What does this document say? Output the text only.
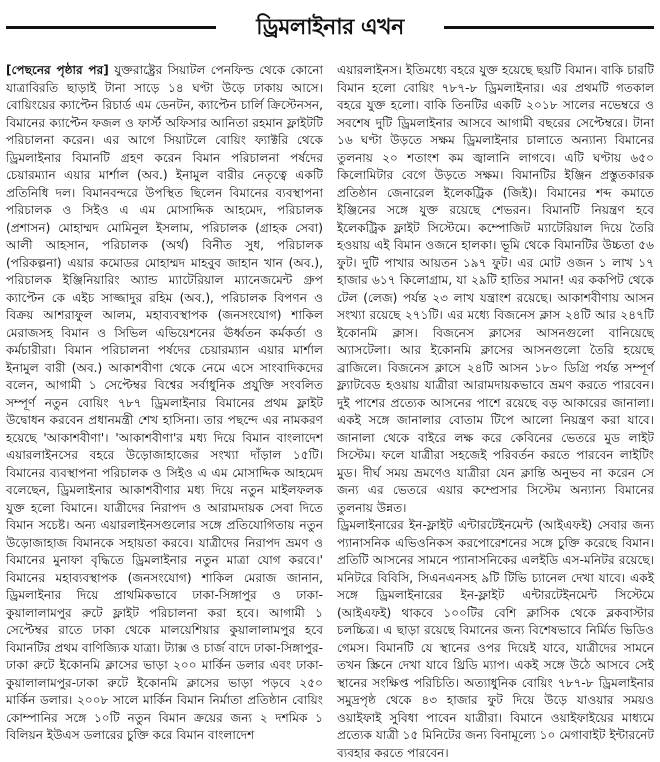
ড্রিমলাইনার এখন

[পেছনের পৃষ্ঠার পর] যুক্তরাষ্ট্রের সিয়াটল পেনফিল্ড থেকে কোনো যাত্রাবিরতি ছাড়াই টানা সাড়ে ১৪ ঘণ্টা উড়ে ঢাকায় আসে। বোয়িংয়ের ক্যাপ্টেন রিচার্ড এম ডেনটন, ক্যাপ্টেন চার্লি ক্রিস্টেনসন, বিমানের ক্যাপ্টেন ফজল ও ফার্স্ট অফিসার আনিতা রহমান ফ্লাইটটি পরিচালনা করেন। এর আগে সিয়াটলে বোয়িং ফ্যাক্টরি থেকে ড্রিমলাইনার বিমানটি গ্রহণ করেন বিমান পরিচালনা পর্ষদের চেয়ারম্যান এয়ার মার্শাল (অব.) ইনামুল বারীর নেতৃত্বে একটি প্রতিনিধি দল। বিমানবন্দরে উপস্থিত ছিলেন বিমানের ব্যবস্থাপনা পরিচালক ও সিইও এ এম মোসাদ্দিক আহমেদ, পরিচালক (প্রশাসন) মোহাম্মদ মোমিনুল ইসলাম, পরিচালক (গ্রাহক সেবা) আলী আহসান, পরিচালক (অর্থ) বিনীত সুধ, পরিচালক (পরিকল্পনা) এয়ার কমোডর মোহাম্মদ মাহবুব জাহান খান (অব.), পরিচালক ইঞ্জিনিয়ারিং অ্যান্ড ম্যাটেরিয়াল ম্যানেজমেন্ট গ্রুপ ক্যাপ্টেন কে এইচ সাজ্জাদুর রহিম (অব.), পরিচালক বিপণন ও বিক্রয় আশরাফুল আলম, মহাব্যবস্থাপক (জনসংযোগ) শাকিল মেরাজসহ বিমান ও সিভিল এভিয়েশনের ঊর্ধ্বতন কর্মকর্তা ও কর্মচারীরা। বিমান পরিচালনা পর্ষদের চেয়ারম্যান এয়ার মার্শাল ইনামুল বারী (অব.) আকাশবীণা থেকে নেমে এসে সাংবাদিকদের বলেন, আগামী ১ সেপ্টেম্বর বিশ্বের সর্বাধুনিক প্রযুক্তি সংবলিত সম্পূর্ণ নতুন বোয়িং ৭৮৭ ড্রিমলাইনার বিমানের প্রথম ফ্লাইট উদ্বোধন করবেন প্রধানমন্ত্রী শেখ হাসিনা। তার পছন্দে এর নামকরণ হয়েছে 'আকাশবীণা'। 'আকাশবীণা'র মধ্য দিয়ে বিমান বাংলাদেশ এয়ারলাইনসের বহরে উড়োজাহাজের সংখ্যা দাঁড়াল ১৫টি। বিমানের ব্যবস্থাপনা পরিচালক ও সিইও এ এম মোসাদ্দিক আহমেদ বলেছেন, ড্রিমলাইনার আকাশবীণার মধ্য দিয়ে নতুন মাইলফলক যুক্ত হলো বিমানে। যাত্রীদের নিরাপদ ও আরামদায়ক সেবা দিতে বিমান সচেষ্ট। অন্য এয়ারলাইনসগুলোর সঙ্গে প্রতিযোগিতায় নতুন উড়োজাহাজ বিমানকে সহায়তা করবে। যাত্রীদের নিরাপদ ভ্রমণ ও বিমানের মুনাফা বৃদ্ধিতে ড্রিমলাইনার নতুন মাত্রা যোগ করবে।' বিমানের মহাব্যবস্থাপক (জনসংযোগ) শাকিল মেরাজ জানান, ড্রিমলাইনার দিয়ে প্রাথমিকভাবে ঢাকা-সিঙ্গাপুর ও ঢাকা-কুয়ালালামপুর রুটে ফ্লাইট পরিচালনা করা হবে। আগামী ১ সেপ্টেম্বর রাতে ঢাকা থেকে মালয়েশিয়ার কুয়ালালামপুর হবে বিমানটির প্রথম বাণিজ্যিক যাত্রা। ট্যাক্স ও চার্জ বাদে ঢাকা-সিঙ্গাপুর-ঢাকা রুটে ইকোনমি ক্লাসের ভাড়া ২০০ মার্কিন ডলার এবং ঢাকা-কুয়ালালামপুর-ঢাকা রুটে ইকোনমি ক্লাসের ভাড়া পড়বে ২৫০ মার্কিন ডলার। ২০০৮ সালে মার্কিন বিমান নির্মাতা প্রতিষ্ঠান বোয়িং কোম্পানির সঙ্গে ১০টি নতুন বিমান ক্রয়ের জন্য ২ দশমিক ১ বিলিয়ন ইউএস ডলারের চুক্তি করে বিমান বাংলাদেশ

এয়ারলাইনস। ইতিমধ্যে বহরে যুক্ত হয়েছে ছয়টি বিমান। বাকি চারটি বিমান হলো বোয়িং ৭৮৭-৮ ড্রিমলাইনার। এর প্রথমটি গতকাল বহরে যুক্ত হলো। বাকি তিনটির একটি ২০১৮ সালের নভেম্বরে ও সবশেষ দুটি ড্রিমলাইনার আসবে আগামী বছরের সেপ্টেম্বরে। টানা ১৬ ঘণ্টা উড়তে সক্ষম ড্রিমলাইনার চালাতে অন্যান্য বিমানের তুলনায় ২০ শতাংশ কম জ্বালানি লাগবে। এটি ঘণ্টায় ৬৫০ কিলোমিটার বেগে উড়তে সক্ষম। বিমানটির ইঞ্জিন প্রস্তুতকারক প্রতিষ্ঠান জেনারেল ইলেকট্রিক (জিই)। বিমানের শব্দ কমাতে ইঞ্জিনের সঙ্গে যুক্ত রয়েছে শেভরন। বিমানটি নিয়ন্ত্রণ হবে ইলেকট্রিক ফ্লাইট সিস্টেমে। কম্পোজিট ম্যাটেরিয়াল দিয়ে তৈরি হওয়ায় এই বিমান ওজনে হালকা। ভূমি থেকে বিমানটির উচ্চতা ৫৬ ফুট। দুটি পাখার আয়তন ১৯৭ ফুট। এর মোট ওজন ১ লাখ ১৭ হাজার ৬১৭ কিলোগ্রাম, যা ২৯টি হাতির সমান! এর ককপিট থেকে টেল (লেজ) পর্যন্ত ২৩ লাখ যন্ত্রাংশ রয়েছে। আকাশবীণায় আসন সংখ্যা রয়েছে ২৭১টি। এর মধ্যে বিজনেস ক্লাস ২৪টি আর ২৪৭টি ইকোনমি ক্লাস। বিজনেস ক্লাসের আসনগুলো বানিয়েছে অ্যাসটেলা। আর ইকোনমি ক্লাসের আসনগুলো তৈরি হয়েছে ব্রাজিলে। বিজনেস ক্লাসে ২৪টি আসন ১৮০ ডিগ্রি পর্যন্ত সম্পূর্ণ ফ্ল্যাটবেড হওয়ায় যাত্রীরা আরামদায়কভাবে ভ্রমণ করতে পারবেন। দুই পাশের প্রত্যেক আসনের পাশে রয়েছে বড় আকারের জানালা। একই সঙ্গে জানালার বোতাম টিপে আলো নিয়ন্ত্রণ করা যাবে। জানালা থেকে বাইরে লক্ষ করে কেবিনের ভেতরে মুড লাইট সিস্টেম। ফলে যাত্রীরা সহজেই পরিবর্তন করতে পারবেন লাইটিং মুড। দীর্ঘ সময় ভ্রমণেও যাত্রীরা যেন ক্লান্তি অনুভব না করেন সে জন্য এর ভেতরে এয়ার কম্প্রেসার সিস্টেম অন্যান্য বিমানের তুলনায় উন্নত।

ড্রিমলাইনারের ইন-ফ্লাইট এন্টারটেইনমেন্ট (আইএফই) সেবার জন্য প্যানাসনিক এভিওনিকস করপোরেশনের সঙ্গে চুক্তি করেছে বিমান। প্রতিটি আসনের সামনে প্যানাসনিকের এলইডি এস-মনিটর রয়েছে। মনিটরে বিবিসি, সিএনএনসহ ৯টি টিভি চ্যানেল দেখা যাবে। একই সঙ্গে ড্রিমলাইনারের ইন-ফ্লাইট এন্টারটেইনমেন্ট সিস্টেমে (আইএফই) থাকবে ১০০টির বেশি ক্লাসিক থেকে ব্লকবাস্টার চলচ্চিত্র। এ ছাড়া রয়েছে বিমানের জন্য বিশেষভাবে নির্মিত ভিডিও গেমস। বিমানটি যে স্থানের ওপর দিয়েই যাবে, যাত্রীদের সামনে তখন স্ক্রিনে দেখা যাবে থ্রিডি ম্যাপ। একই সঙ্গে উঠে আসবে সেই স্থানের সংক্ষিপ্ত পরিচিতি। অত্যাধুনিক বোয়িং ৭৮৭-৮ ড্রিমলাইনার সমুদ্রপৃষ্ঠ থেকে ৪৩ হাজার ফুট দিয়ে উড়ে যাওয়ার সময়ও ওয়াইফাই সুবিধা পাবেন যাত্রীরা। বিমানে ওয়াইফাইয়ের মাধ্যমে প্রত্যেক যাত্রী ১৫ মিনিটের জন্য বিনামূল্যে ১০ মেগাবাইট ইন্টারনেট ব্যবহার করতে পারবেন।
